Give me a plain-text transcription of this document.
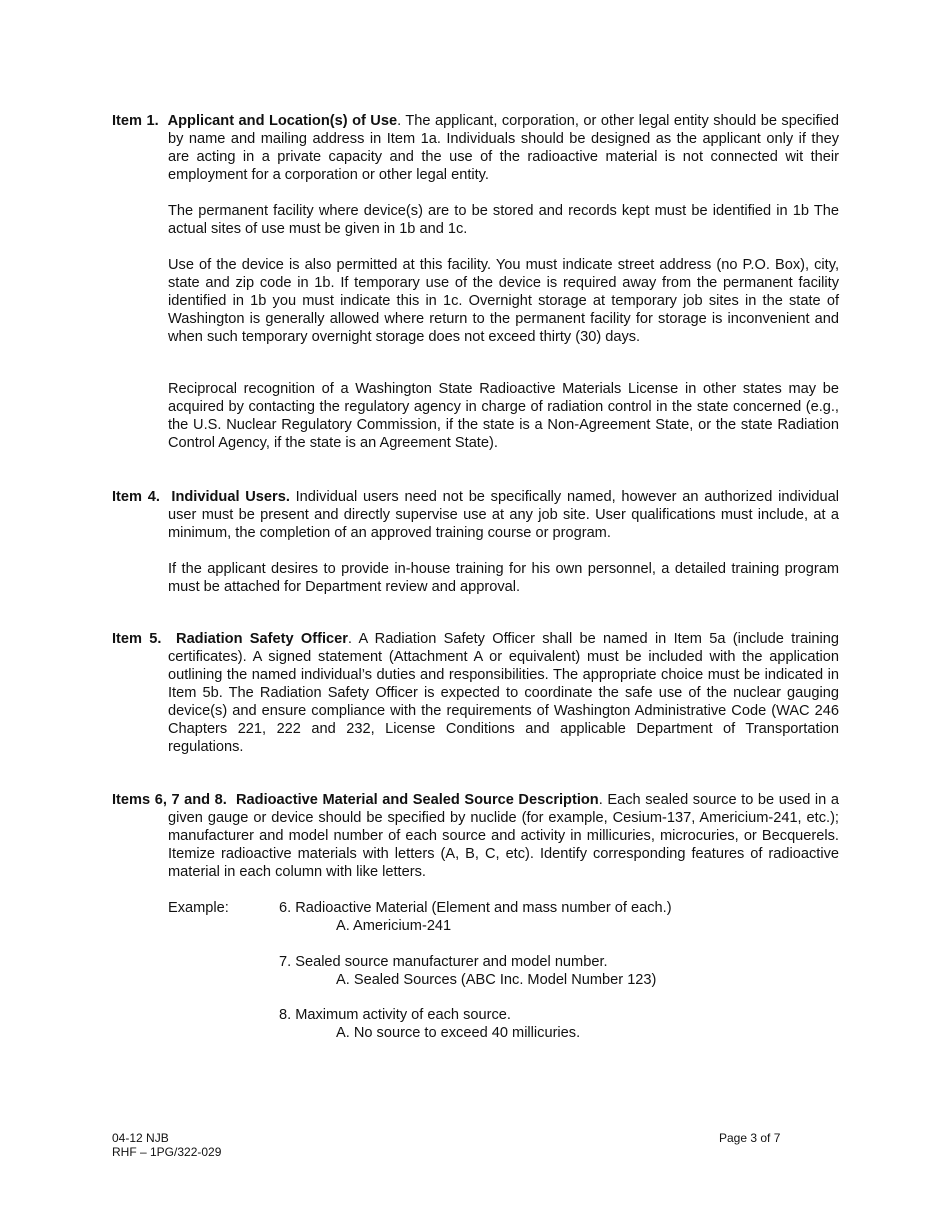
Item 1. Applicant and Location(s) of Use. The applicant, corporation, or other legal entity should be specified by name and mailing address in Item 1a. Individuals should be designed as the applicant only if they are acting in a private capacity and the use of the radioactive material is not connected wit their employment for a corporation or other legal entity.

The permanent facility where device(s) are to be stored and records kept must be identified in 1b The actual sites of use must be given in 1b and 1c.

Use of the device is also permitted at this facility. You must indicate street address (no P.O. Box), city, state and zip code in 1b. If temporary use of the device is required away from the permanent facility identified in 1b you must indicate this in 1c. Overnight storage at temporary job sites in the state of Washington is generally allowed where return to the permanent facility for storage is inconvenient and when such temporary overnight storage does not exceed thirty (30) days.

Reciprocal recognition of a Washington State Radioactive Materials License in other states may be acquired by contacting the regulatory agency in charge of radiation control in the state concerned (e.g., the U.S. Nuclear Regulatory Commission, if the state is a Non-Agreement State, or the state Radiation Control Agency, if the state is an Agreement State).

Item 4. Individual Users. Individual users need not be specifically named, however an authorized individual user must be present and directly supervise use at any job site. User qualifications must include, at a minimum, the completion of an approved training course or program.

If the applicant desires to provide in-house training for his own personnel, a detailed training program must be attached for Department review and approval.

Item 5. Radiation Safety Officer. A Radiation Safety Officer shall be named in Item 5a (include training certificates). A signed statement (Attachment A or equivalent) must be included with the application outlining the named individual’s duties and responsibilities. The appropriate choice must be indicated in Item 5b. The Radiation Safety Officer is expected to coordinate the safe use of the nuclear gauging device(s) and ensure compliance with the requirements of Washington Administrative Code (WAC 246 Chapters 221, 222 and 232, License Conditions and applicable Department of Transportation regulations.

Items 6, 7 and 8. Radioactive Material and Sealed Source Description. Each sealed source to be used in a given gauge or device should be specified by nuclide (for example, Cesium-137, Americium-241, etc.); manufacturer and model number of each source and activity in millicuries, microcuries, or Becquerels. Itemize radioactive materials with letters (A, B, C, etc). Identify corresponding features of radioactive material in each column with like letters.

Example:	6. Radioactive Material (Element and mass number of each.)
A. Americium-241
7. Sealed source manufacturer and model number.
A. Sealed Sources (ABC Inc. Model Number 123)
8. Maximum activity of each source.
A. No source to exceed 40 millicuries.
04-12 NJB
RHF – 1PG/322-029
Page 3 of 7
